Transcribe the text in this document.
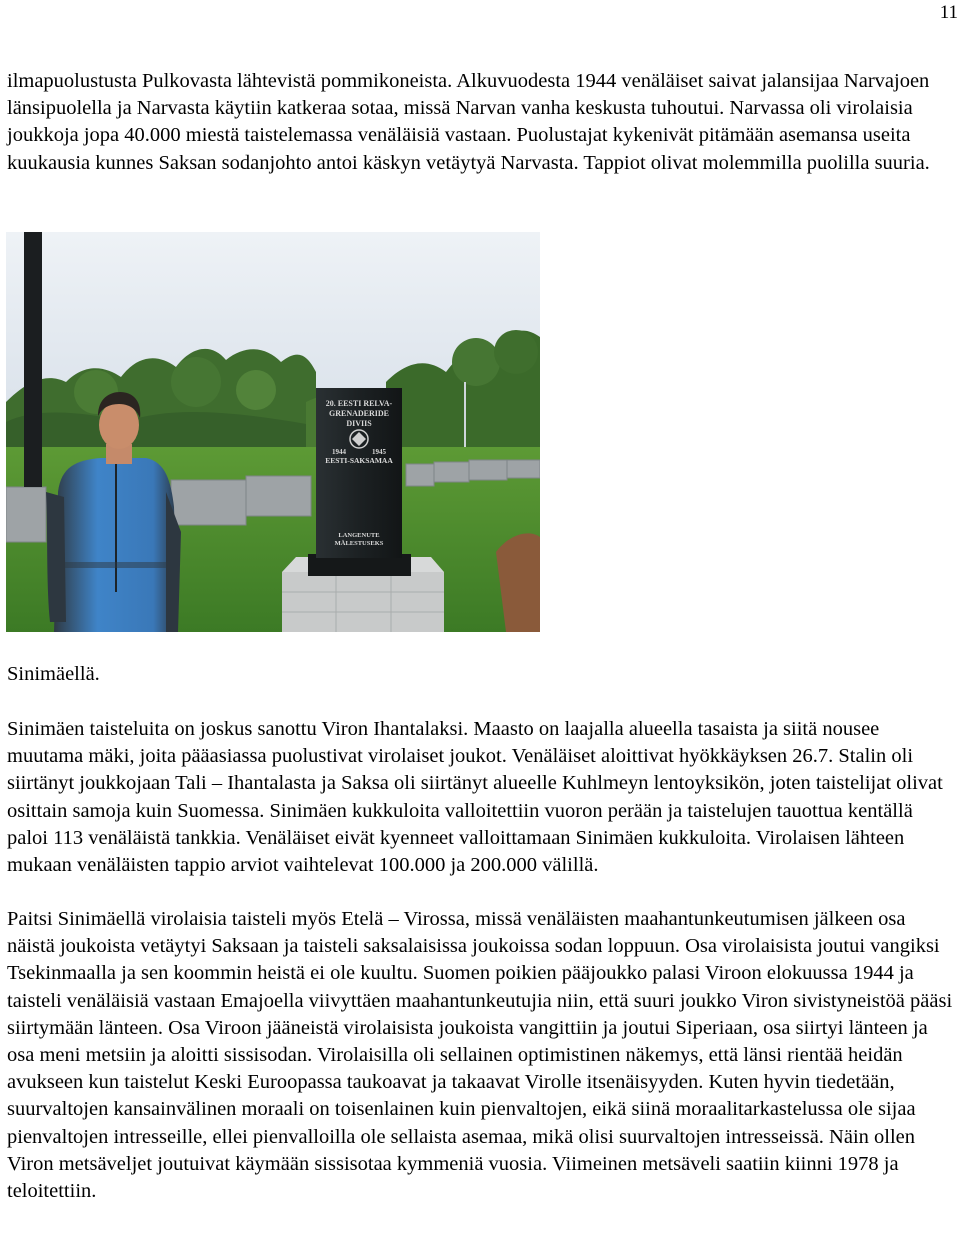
11

ilmapuolustusta Pulkovasta lähtevistä pommikoneista. Alkuvuodesta 1944 venäläiset saivat jalansijaa Narvajoen länsipuolella ja Narvasta käytiin katkeraa sotaa, missä Narvan vanha keskusta tuhoutui. Narvassa oli virolaisia joukkoja jopa 40.000 miestä taistelemassa venäläisiä vastaan. Puolustajat kykenivät pitämään asemansa useita kuukausia kunnes Saksan sodanjohto antoi käskyn vetäytyä Narvasta. Tappiot olivat molemmilla puolilla suuria.

20. EESTI RELVA-
GRENADERIDE
DIVIIS
1944	1945
EESTI-SAKSAMAA
LANGENUTE
MÄLESTUSEKS

Sinimäellä.

Sinimäen taisteluita on joskus sanottu Viron Ihantalaksi. Maasto on laajalla alueella tasaista ja siitä nousee muutama mäki, joita pääasiassa puolustivat virolaiset joukot. Venäläiset aloittivat hyökkäyksen 26.7. Stalin oli siirtänyt joukkojaan Tali – Ihantalasta ja Saksa oli siirtänyt alueelle Kuhlmeyn lentoyksikön, joten taistelijat olivat osittain samoja kuin Suomessa. Sinimäen kukkuloita valloitettiin vuoron perään ja taistelujen tauottua kentällä paloi 113 venäläistä tankkia. Venäläiset eivät kyenneet valloittamaan Sinimäen kukkuloita. Virolaisen lähteen mukaan venäläisten tappio arviot vaihtelevat 100.000 ja 200.000 välillä.

Paitsi Sinimäellä virolaisia taisteli myös Etelä – Virossa, missä venäläisten maahantunkeutumisen jälkeen osa näistä joukoista vetäytyi Saksaan ja taisteli saksalaisissa joukoissa sodan loppuun. Osa virolaisista joutui vangiksi Tsekinmaalla ja sen koommin heistä ei ole kuultu. Suomen poikien pääjoukko palasi Viroon elokuussa 1944 ja taisteli venäläisiä vastaan Emajoella viivyttäen maahantunkeutujia niin, että suuri joukko Viron sivistyneistöä pääsi siirtymään länteen. Osa Viroon jääneistä virolaisista joukoista vangittiin ja joutui Siperiaan, osa siirtyi länteen ja osa meni metsiin ja aloitti sissisodan. Virolaisilla oli sellainen optimistinen näkemys, että länsi rientää heidän avukseen kun taistelut Keski Euroopassa taukoavat ja takaavat Virolle itsenäisyyden. Kuten hyvin tiedetään, suurvaltojen kansainvälinen moraali on toisenlainen kuin pienvaltojen, eikä siinä moraalitarkastelussa ole sijaa pienvaltojen intresseille, ellei pienvalloilla ole sellaista asemaa, mikä olisi suurvaltojen intresseissä. Näin ollen Viron metsäveljet joutuivat käymään sissisotaa kymmeniä vuosia. Viimeinen metsäveli saatiin kiinni 1978 ja teloitettiin.
